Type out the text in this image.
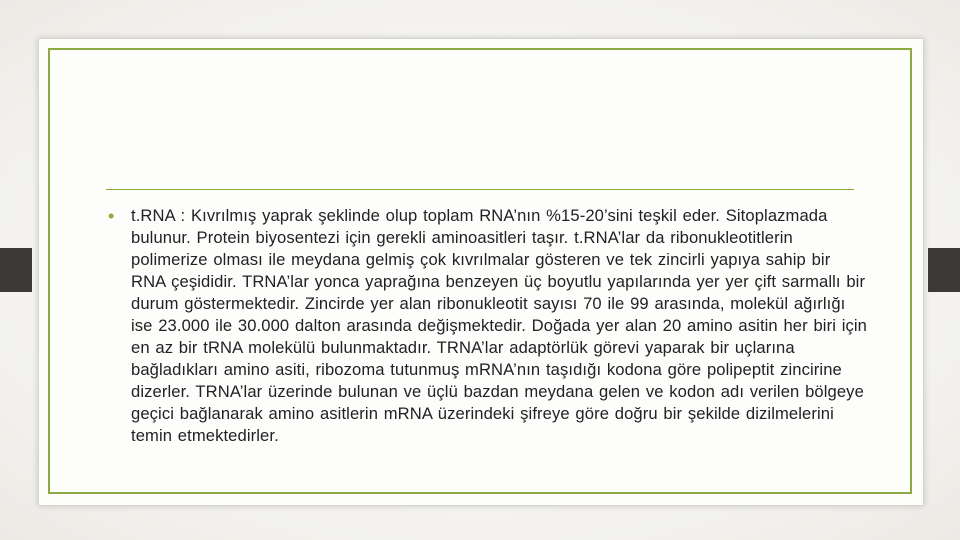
• t.RNA : Kıvrılmış yaprak şeklinde olup toplam RNA’nın %15-20’sini teşkil eder. Sitoplazmada bulunur. Protein biyosentezi için gerekli aminoasitleri taşır. t.RNA’lar da ribonukleotitlerin polimerize olması ile meydana gelmiş çok kıvrılmalar gösteren ve tek zincirli yapıya sahip bir RNA çeşididir. TRNA’lar yonca yaprağına benzeyen üç boyutlu yapılarında yer yer çift sarmallı bir durum göstermektedir. Zincirde yer alan ribonukleotit sayısı 70 ile 99 arasında, molekül ağırlığı ise 23.000 ile 30.000 dalton arasında değişmektedir. Doğada yer alan 20 amino asitin her biri için en az bir tRNA molekülü bulunmaktadır. TRNA’lar adaptörlük görevi yaparak bir uçlarına bağladıkları amino asiti, ribozoma tutunmuş mRNA’nın taşıdığı kodona göre polipeptit zincirine dizerler. TRNA’lar üzerinde bulunan ve üçlü bazdan meydana gelen ve kodon adı verilen bölgeye geçici bağlanarak amino asitlerin mRNA üzerindeki şifreye göre doğru bir şekilde dizilmelerini temin etmektedirler.
